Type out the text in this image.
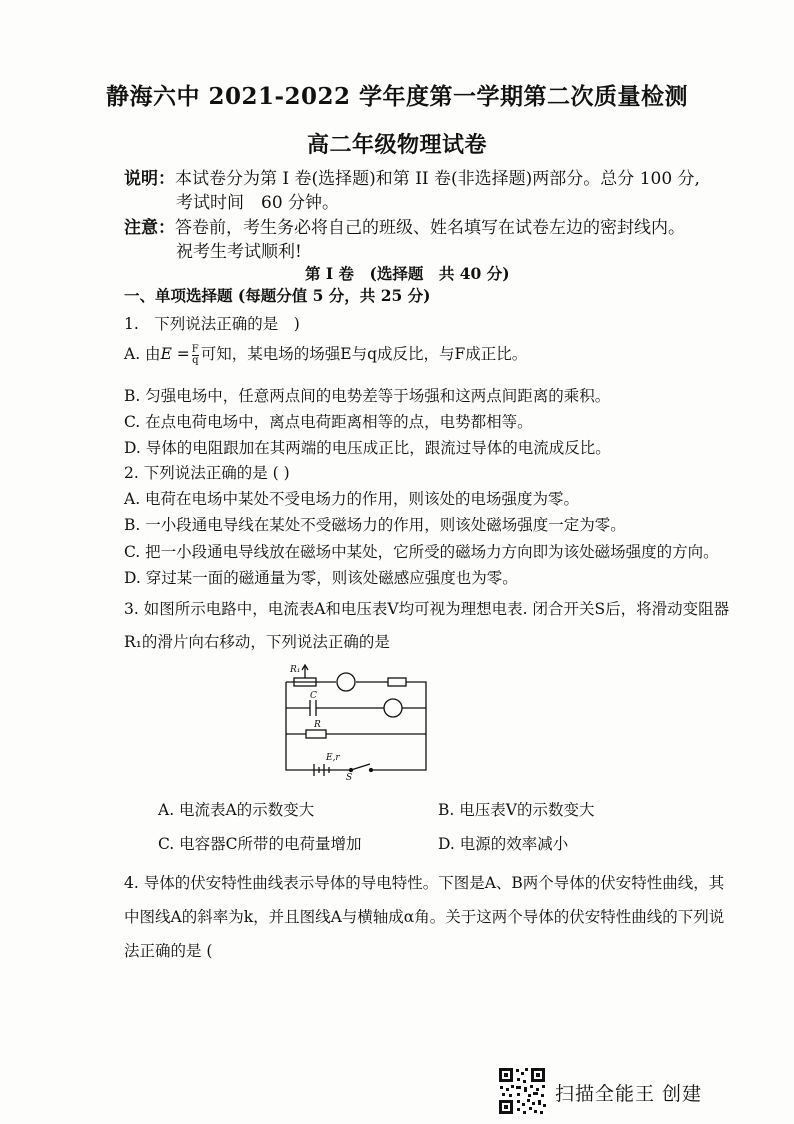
静海六中 2021-2022 学年度第一学期第二次质量检测
高二年级物理试卷
说明：本试卷分为第 I 卷(选择题)和第 II 卷(非选择题)两部分。总分 100 分,
考试时间　60 分钟。
注意：答卷前，考生务必将自己的班级、姓名填写在试卷左边的密封线内。
祝考生考试顺利!
第 I 卷　(选择题　共 40 分)
一、单项选择题 (每题分值 5 分，共 25 分)
1.　下列说法正确的是　)
A. 由$E = \frac{F}{q}$ 可知，某电场的场强E与q成反比，与F成正比。
B. 匀强电场中，任意两点间的电势差等于场强和这两点间距离的乘积。
C. 在点电荷电场中，离点电荷距离相等的点，电势都相等。
D. 导体的电阻跟加在其两端的电压成正比，跟流过导体的电流成反比。
2. 下列说法正确的是 ( )
A. 电荷在电场中某处不受电场力的作用，则该处的电场强度为零。
B. 一小段通电导线在某处不受磁场力的作用，则该处磁场强度一定为零。
C. 把一小段通电导线放在磁场中某处，它所受的磁场力方向即为该处磁场强度的方向。
D. 穿过某一面的磁通量为零，则该处磁感应强度也为零。
3. 如图所示电路中，电流表A和电压表V均可视为理想电表. 闭合开关S后，将滑动变阻器
R₁的滑片向右移动，下列说法正确的是
R₁
C
R
E,r
S
A. 电流表A的示数变大	B. 电压表V的示数变大
C. 电容器C所带的电荷量增加	D. 电源的效率减小
4. 导体的伏安特性曲线表示导体的导电特性。下图是A、B两个导体的伏安特性曲线，其
中图线A的斜率为k，并且图线A与横轴成α角。关于这两个导体的伏安特性曲线的下列说
法正确的是 (
扫描全能王 创建
